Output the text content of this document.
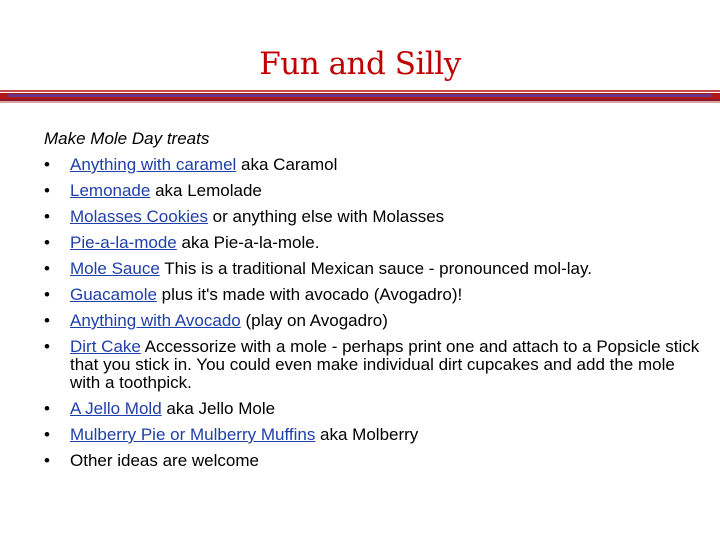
Fun and Silly

Make Mole Day treats

•	Anything with caramel aka Caramol
•	Lemonade aka Lemolade
•	Molasses Cookies or anything else with Molasses
•	Pie-a-la-mode aka Pie-a-la-mole.
•	Mole Sauce This is a traditional Mexican sauce - pronounced mol-lay.
•	Guacamole plus it's made with avocado (Avogadro)!
•	Anything with Avocado (play on Avogadro)
•	Dirt Cake Accessorize with a mole - perhaps print one and attach to a Popsicle stick that you stick in. You could even make individual dirt cupcakes and add the mole with a toothpick.
•	A Jello Mold aka Jello Mole
•	Mulberry Pie or Mulberry Muffins aka Molberry
•	Other ideas are welcome
